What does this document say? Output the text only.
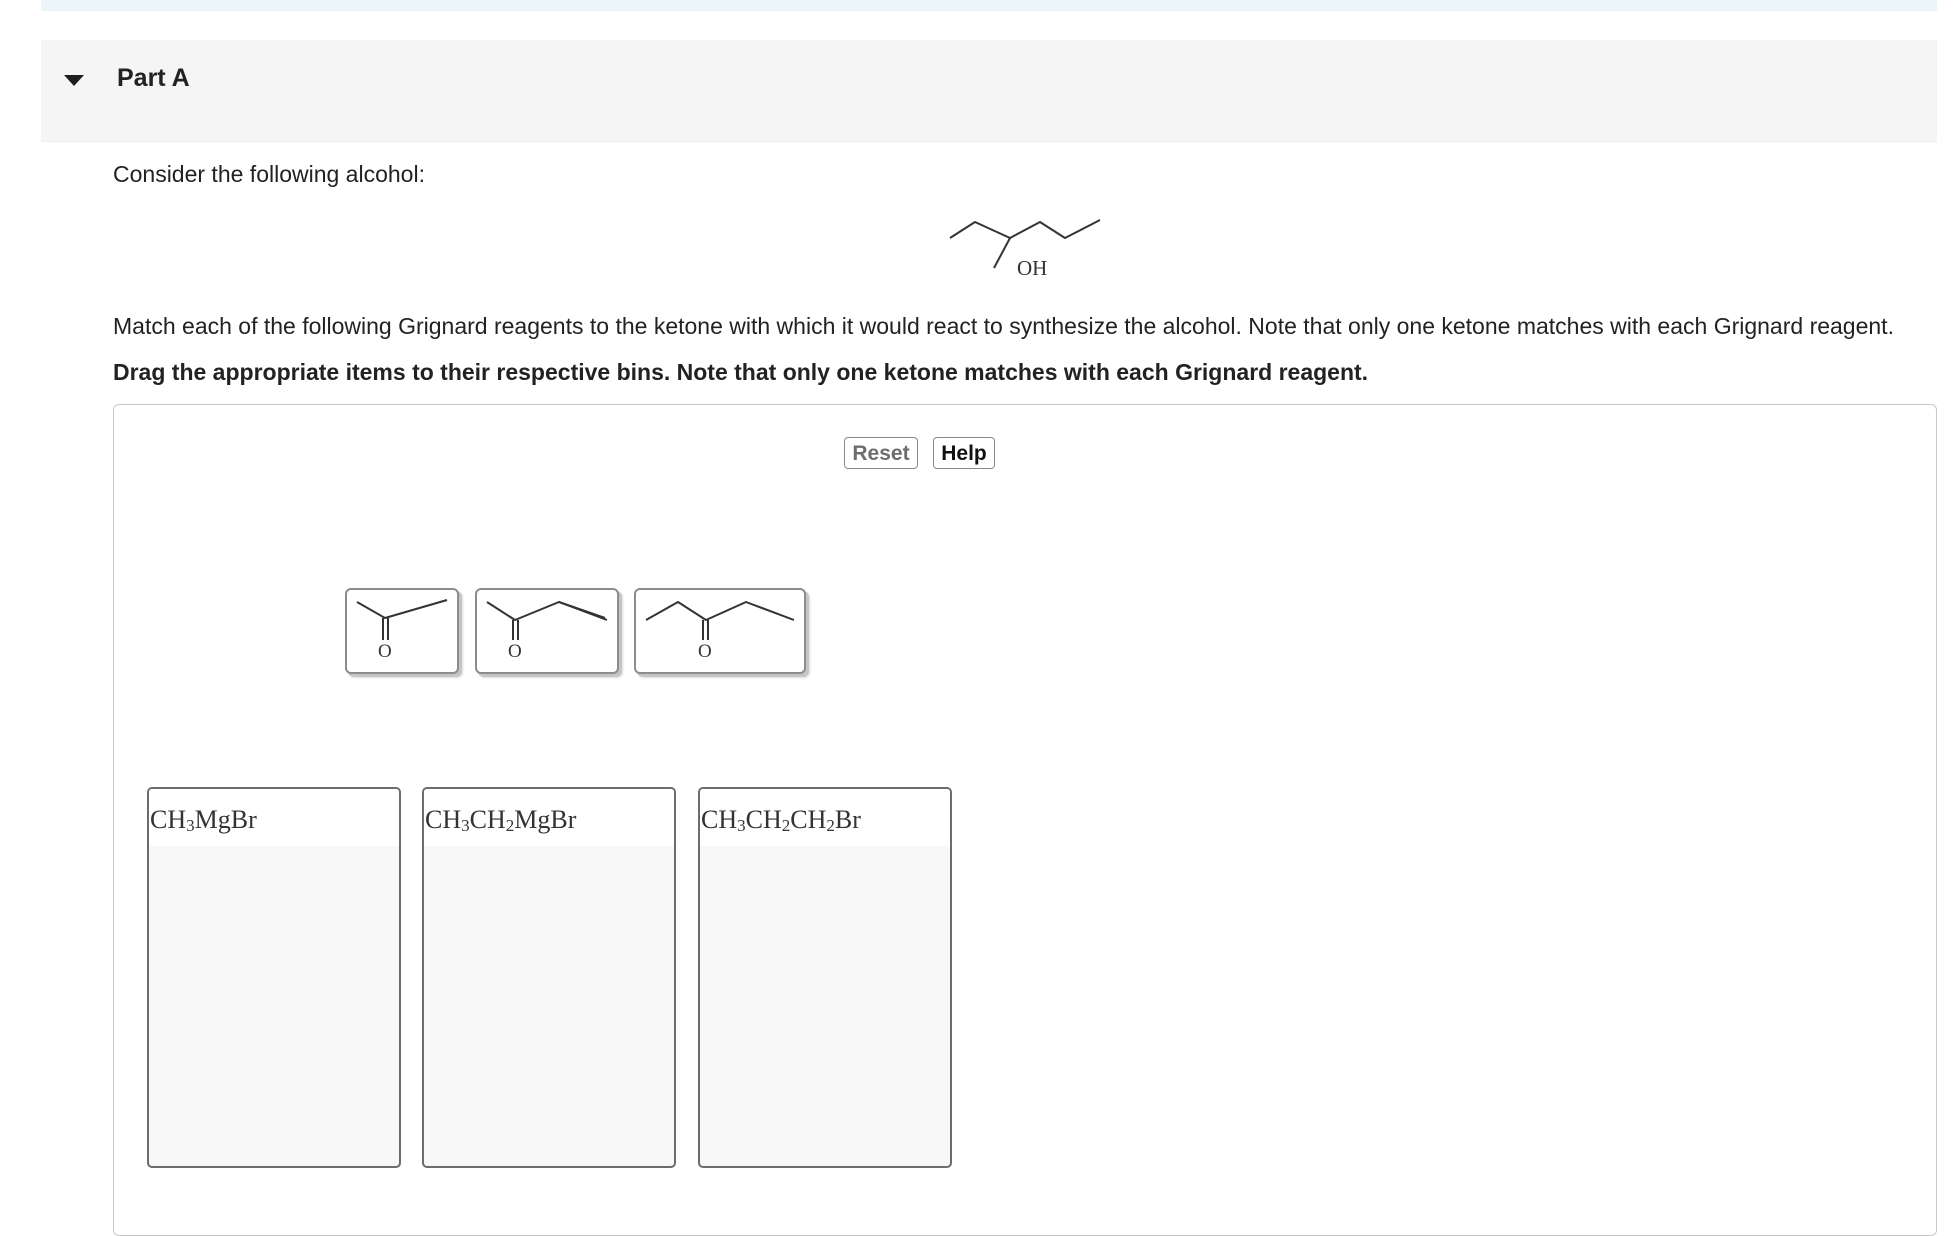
Part A
Consider the following alcohol:
OH
Match each of the following Grignard reagents to the ketone with which it would react to synthesize the alcohol. Note that only one ketone matches with each Grignard reagent.
Drag the appropriate items to their respective bins. Note that only one ketone matches with each Grignard reagent.
Reset	Help
O	O	O
$CH_3MgBr$	$CH_3CH_2MgBr$	$CH_3CH_2CH_2Br$
